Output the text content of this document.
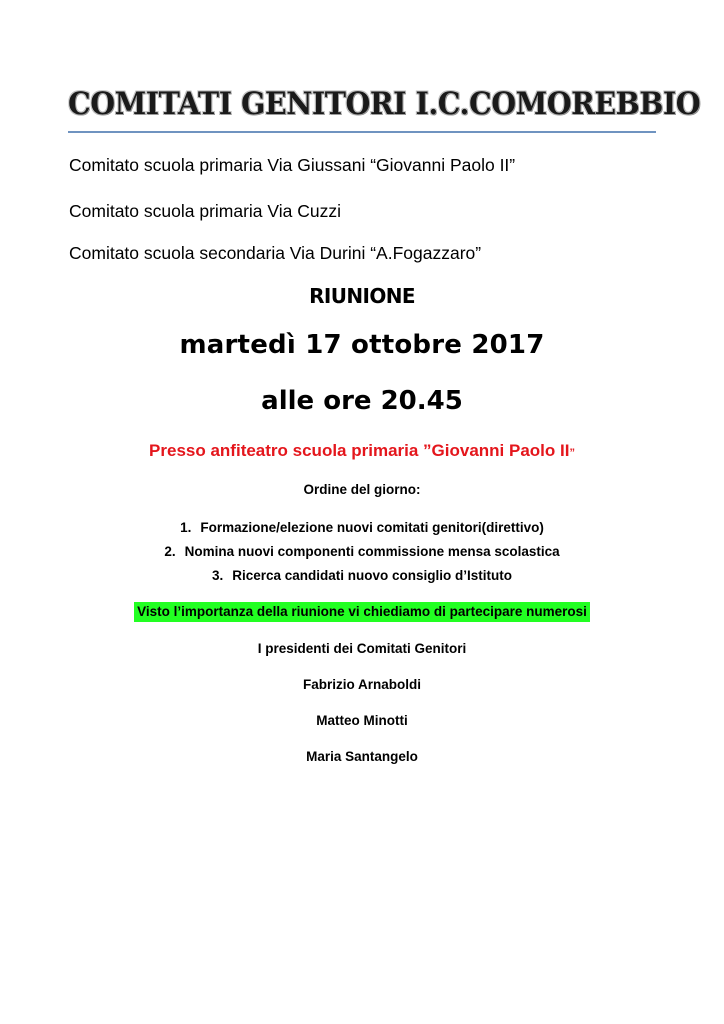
COMITATI GENITORI I.C.COMOREBBIO
Comitato scuola primaria Via Giussani “Giovanni Paolo II”
Comitato scuola primaria Via Cuzzi
Comitato scuola secondaria Via Durini “A.Fogazzaro”
RIUNIONE
martedì 17 ottobre 2017
alle ore 20.45
Presso anfiteatro scuola primaria ”Giovanni Paolo II”
Ordine del giorno:
1. Formazione/elezione nuovi comitati genitori(direttivo)
2. Nomina nuovi componenti commissione mensa scolastica
3. Ricerca candidati nuovo consiglio d’Istituto
Visto l’importanza della riunione vi chiediamo di partecipare numerosi
I presidenti dei Comitati Genitori
Fabrizio Arnaboldi
Matteo Minotti
Maria Santangelo
